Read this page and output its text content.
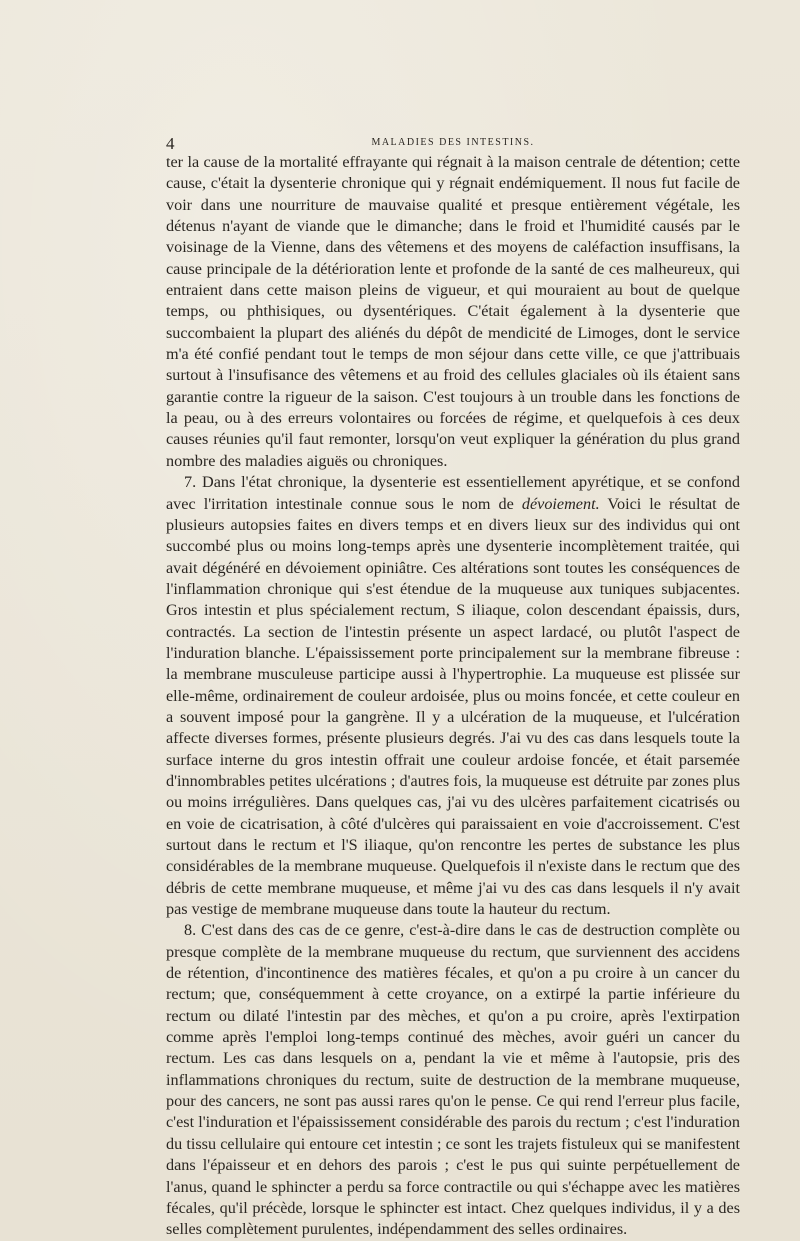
4	MALADIES DES INTESTINS.

ter la cause de la mortalité effrayante qui régnait à la maison centrale de détention; cette cause, c'était la dysenterie chronique qui y régnait endémiquement. Il nous fut facile de voir dans une nourriture de mauvaise qualité et presque entièrement végétale, les détenus n'ayant de viande que le dimanche; dans le froid et l'humidité causés par le voisinage de la Vienne, dans des vêtemens et des moyens de caléfaction insuffisans, la cause principale de la détérioration lente et profonde de la santé de ces malheureux, qui entraient dans cette maison pleins de vigueur, et qui mouraient au bout de quelque temps, ou phthisiques, ou dysentériques. C'était également à la dysenterie que succombaient la plupart des aliénés du dépôt de mendicité de Limoges, dont le service m'a été confié pendant tout le temps de mon séjour dans cette ville, ce que j'attribuais surtout à l'insufisance des vêtemens et au froid des cellules glaciales où ils étaient sans garantie contre la rigueur de la saison. C'est toujours à un trouble dans les fonctions de la peau, ou à des erreurs volontaires ou forcées de régime, et quelquefois à ces deux causes réunies qu'il faut remonter, lorsqu'on veut expliquer la génération du plus grand nombre des maladies aiguës ou chroniques.

7. Dans l'état chronique, la dysenterie est essentiellement apyrétique, et se confond avec l'irritation intestinale connue sous le nom de dévoiement. Voici le résultat de plusieurs autopsies faites en divers temps et en divers lieux sur des individus qui ont succombé plus ou moins long-temps après une dysenterie incomplètement traitée, qui avait dégénéré en dévoiement opiniâtre. Ces altérations sont toutes les conséquences de l'inflammation chronique qui s'est étendue de la muqueuse aux tuniques subjacentes. Gros intestin et plus spécialement rectum, S iliaque, colon descendant épaissis, durs, contractés. La section de l'intestin présente un aspect lardacé, ou plutôt l'aspect de l'induration blanche. L'épaississement porte principalement sur la membrane fibreuse : la membrane musculeuse participe aussi à l'hypertrophie. La muqueuse est plissée sur elle-même, ordinairement de couleur ardoisée, plus ou moins foncée, et cette couleur en a souvent imposé pour la gangrène. Il y a ulcération de la muqueuse, et l'ulcération affecte diverses formes, présente plusieurs degrés. J'ai vu des cas dans lesquels toute la surface interne du gros intestin offrait une couleur ardoise foncée, et était parsemée d'innombrables petites ulcérations ; d'autres fois, la muqueuse est détruite par zones plus ou moins irrégulières. Dans quelques cas, j'ai vu des ulcères parfaitement cicatrisés ou en voie de cicatrisation, à côté d'ulcères qui paraissaient en voie d'accroissement. C'est surtout dans le rectum et l'S iliaque, qu'on rencontre les pertes de substance les plus considérables de la membrane muqueuse. Quelquefois il n'existe dans le rectum que des débris de cette membrane muqueuse, et même j'ai vu des cas dans lesquels il n'y avait pas vestige de membrane muqueuse dans toute la hauteur du rectum.

8. C'est dans des cas de ce genre, c'est-à-dire dans le cas de destruction complète ou presque complète de la membrane muqueuse du rectum, que surviennent des accidens de rétention, d'incontinence des matières fécales, et qu'on a pu croire à un cancer du rectum; que, conséquemment à cette croyance, on a extirpé la partie inférieure du rectum ou dilaté l'intestin par des mèches, et qu'on a pu croire, après l'extirpation comme après l'emploi long-temps continué des mèches, avoir guéri un cancer du rectum. Les cas dans lesquels on a, pendant la vie et même à l'autopsie, pris des inflammations chroniques du rectum, suite de destruction de la membrane muqueuse, pour des cancers, ne sont pas aussi rares qu'on le pense. Ce qui rend l'erreur plus facile, c'est l'induration et l'épaississement considérable des parois du rectum ; c'est l'induration du tissu cellulaire qui entoure cet intestin ; ce sont les trajets fistuleux qui se manifestent dans l'épaisseur et en dehors des parois ; c'est le pus qui suinte perpétuellement de l'anus, quand le sphincter a perdu sa force contractile ou qui s'échappe avec les matières fécales, qu'il précède, lorsque le sphincter est intact. Chez quelques individus, il y a des selles complètement purulentes, indépendamment des selles ordinaires.
